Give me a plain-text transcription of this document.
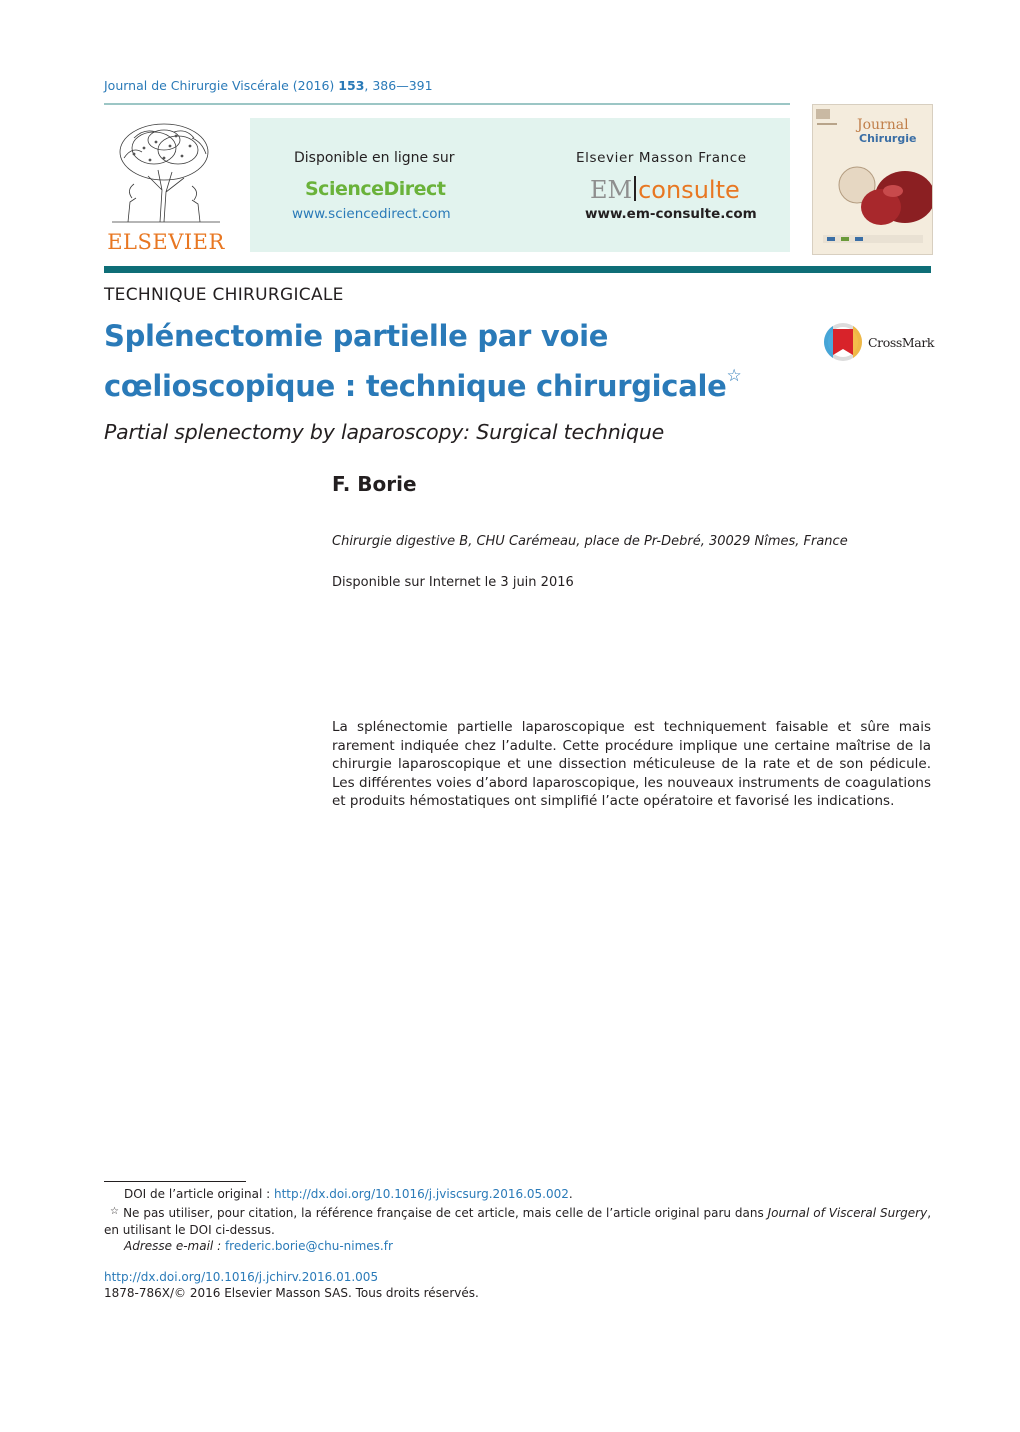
Journal de Chirurgie Viscérale (2016) 153, 386—391
ELSEVIER
Disponible en ligne sur
ScienceDirect
www.sciencedirect.com
Elsevier Masson France
EM consulte
www.em-consulte.com
Journal
Chirurgie
TECHNIQUE CHIRURGICALE
Splénectomie partielle par voie
cœlioscopique : technique chirurgicale☆
CrossMark
Partial splenectomy by laparoscopy: Surgical technique
F. Borie
Chirurgie digestive B, CHU Carémeau, place de Pr-Debré, 30029 Nîmes, France
Disponible sur Internet le 3 juin 2016
La splénectomie partielle laparoscopique est techniquement faisable et sûre mais rarement indiquée chez l’adulte. Cette procédure implique une certaine maîtrise de la chirurgie laparoscopique et une dissection méticuleuse de la rate et de son pédicule. Les différentes voies d’abord laparoscopique, les nouveaux instruments de coagulations et produits hémostatiques ont simplifié l’acte opératoire et favorisé les indications.
DOI de l’article original : http://dx.doi.org/10.1016/j.jviscsurg.2016.05.002.
☆ Ne pas utiliser, pour citation, la référence française de cet article, mais celle de l’article original paru dans Journal of Visceral Surgery, en utilisant le DOI ci-dessus.
Adresse e-mail : frederic.borie@chu-nimes.fr
http://dx.doi.org/10.1016/j.jchirv.2016.01.005
1878-786X/© 2016 Elsevier Masson SAS. Tous droits réservés.
